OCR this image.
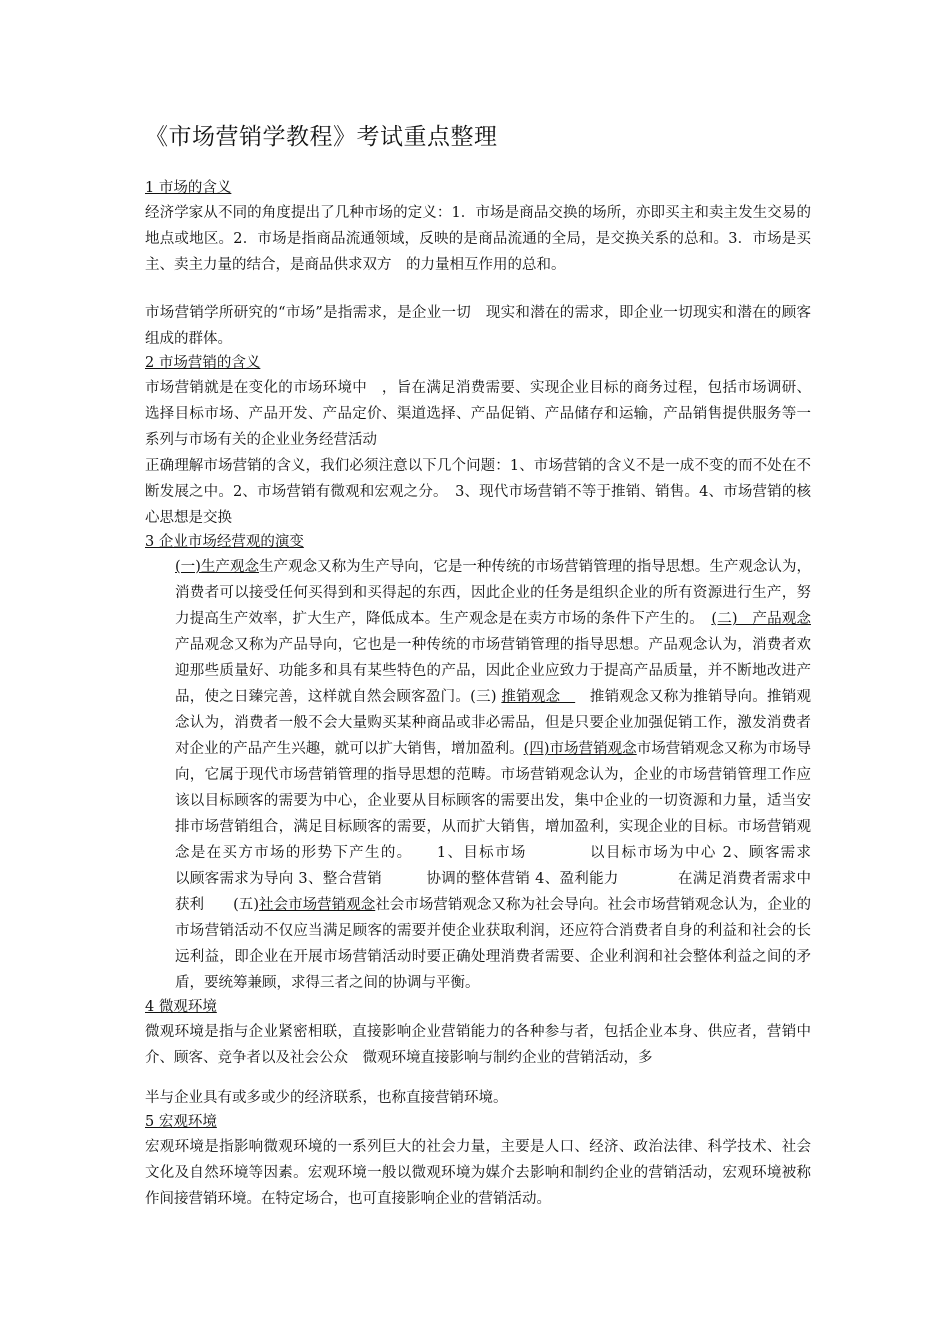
《市场营销学教程》考试重点整理

1 市场的含义

经济学家从不同的角度提出了几种市场的定义：1．市场是商品交换的场所，亦即买主和卖主发生交易的地点或地区。2．市场是指商品流通领域，反映的是商品流通的全局，是交换关系的总和。3．市场是买主、卖主力量的结合，是商品供求双方　的力量相互作用的总和。

市场营销学所研究的“市场”是指需求，是企业一切　现实和潜在的需求，即企业一切现实和潜在的顾客组成的群体。

2 市场营销的含义

市场营销就是在变化的市场环境中　，旨在满足消费需要、实现企业目标的商务过程，包括市场调研、选择目标市场、产品开发、产品定价、渠道选择、产品促销、产品储存和运输，产品销售提供服务等一系列与市场有关的企业业务经营活动

正确理解市场营销的含义，我们必须注意以下几个问题：1、市场营销的含义不是一成不变的而不处在不断发展之中。2、市场营销有微观和宏观之分。　3、现代市场营销不等于推销、销售。4、市场营销的核心思想是交换

3 企业市场经营观的演变

(一)生产观念生产观念又称为生产导向，它是一种传统的市场营销管理的指导思想。生产观念认为，消费者可以接受任何买得到和买得起的东西，因此企业的任务是组织企业的所有资源进行生产，努力提高生产效率，扩大生产，降低成本。生产观念是在卖方市场的条件下产生的。　(二)　产品观念产品观念又称为产品导向，它也是一种传统的市场营销管理的指导思想。产品观念认为，消费者欢迎那些质量好、功能多和具有某些特色的产品，因此企业应致力于提高产品质量，并不断地改进产品，使之日臻完善，这样就自然会顾客盈门。(三) 推销观念　　推销观念又称为推销导向。推销观念认为，消费者一般不会大量购买某种商品或非必需品，但是只要企业加强促销工作，激发消费者对企业的产品产生兴趣，就可以扩大销售，增加盈利。(四)市场营销观念市场营销观念又称为市场导向，它属于现代市场营销管理的指导思想的范畴。市场营销观念认为，企业的市场营销管理工作应该以目标顾客的需要为中心，企业要从目标顾客的需要出发，集中企业的一切资源和力量，适当安排市场营销组合，满足目标顾客的需要，从而扩大销售，增加盈利，实现企业的目标。市场营销观念是在买方市场的形势下产生的。　　1、目标市场　　　　以目标市场为中心 2、顾客需求　　　以顾客需求为导向 3、整合营销　　　协调的整体营销 4、盈利能力　　　　在满足消费者需求中获利　　(五)社会市场营销观念社会市场营销观念又称为社会导向。社会市场营销观念认为，企业的市场营销活动不仅应当满足顾客的需要并使企业获取利润，还应符合消费者自身的利益和社会的长远利益，即企业在开展市场营销活动时要正确处理消费者需要、企业利润和社会整体利益之间的矛盾，要统筹兼顾，求得三者之间的协调与平衡。

4 微观环境

微观环境是指与企业紧密相联，直接影响企业营销能力的各种参与者，包括企业本身、供应者，营销中介、顾客、竞争者以及社会公众　微观环境直接影响与制约企业的营销活动，多

半与企业具有或多或少的经济联系，也称直接营销环境。

5 宏观环境

宏观环境是指影响微观环境的一系列巨大的社会力量，主要是人口、经济、政治法律、科学技术、社会文化及自然环境等因素。宏观环境一般以微观环境为媒介去影响和制约企业的营销活动，宏观环境被称作间接营销环境。在特定场合，也可直接影响企业的营销活动。
